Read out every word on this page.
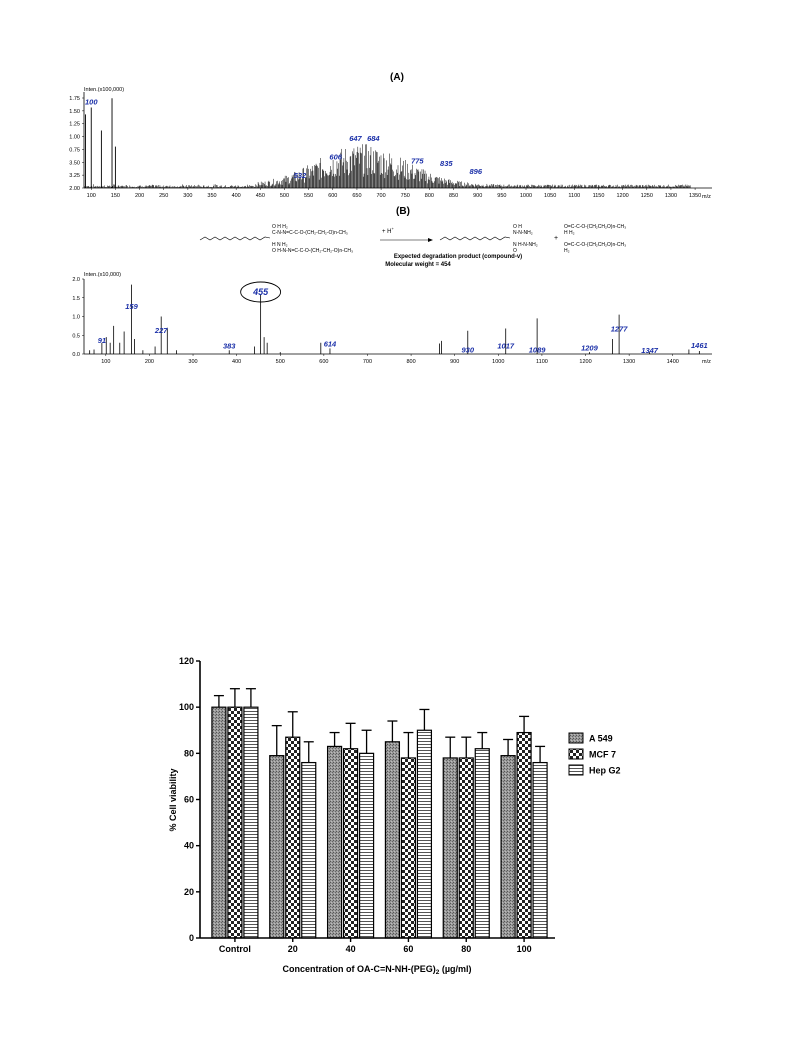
(A)
Inten.(x100,000)
2.00
3.25
3.50
0.75
1.00
1.25
1.50
1.75
100	150	200	250	300	350	400	450	500	550	600	650	700	750	800	850	900	950 1000 1050 1100 1150 1200 1250 1300 1350
100
532
606
647 684
775 835
896
m/z
(B)
O H H₂
C-N-N=C-C-O-(CH₂-CH₂-O)n-CH₃
H N H₂
O H-N-N=C-C-O-(CH₂-CH₂-O)n-CH₃
+ H+	O H
N-N-NH₂
N H-N-NH₂
O
+
O=C-C-O-(CH₂CH₂O)n-CH₃
H H₂
O=C-C-O-(CH₂CH₂O)n-CH₃
H₂
Expected degradation product (compound-v)
Molecular weight = 454
Inten.(x10,000)
0.0
0.5
1.0
1.5
2.0
100	200	300	400	500	600	700	800	900	1000	1100	1200	1300	1400
91
159
227
383	614
930	1017 1089	1209
1277
1347
1461
455
m/z
0
20
40
60
80
100
120
Control	20	40	60	80	100
% Cell viability
Concentration of $OA-C=N-NH-(PEG)_2$ (µg/ml)
A 549
MCF 7
Hep G2
